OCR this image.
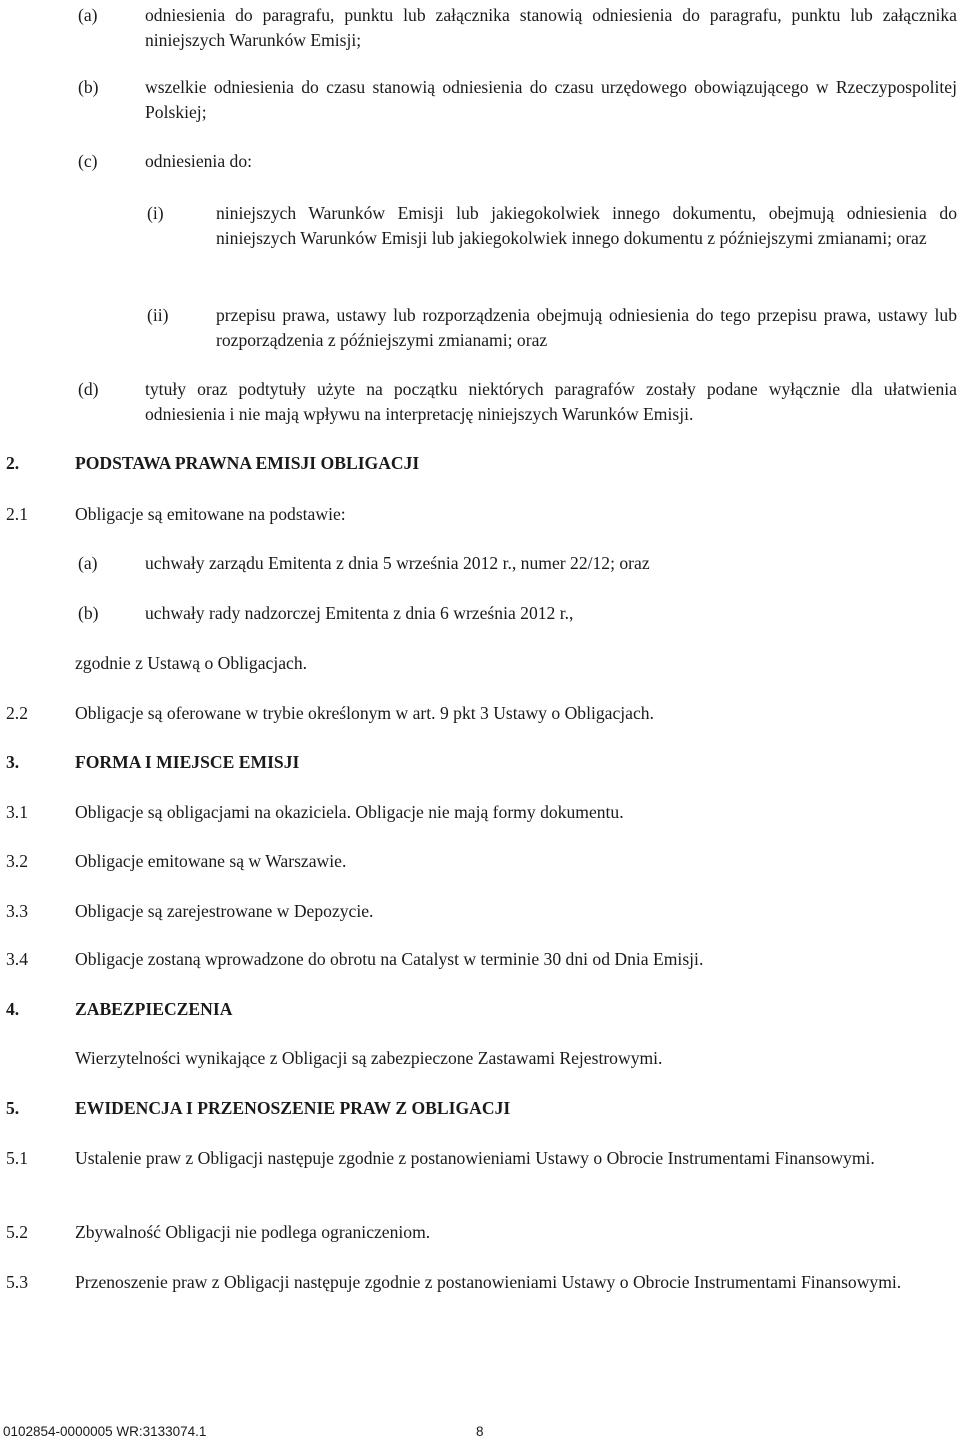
(a)	odniesienia do paragrafu, punktu lub załącznika stanowią odniesienia do paragrafu, punktu lub załącznika niniejszych Warunków Emisji;
(b)	wszelkie odniesienia do czasu stanowią odniesienia do czasu urzędowego obowiązującego w Rzeczypospolitej Polskiej;
(c)	odniesienia do:
(i)	niniejszych Warunków Emisji lub jakiegokolwiek innego dokumentu, obejmują odniesienia do niniejszych Warunków Emisji lub jakiegokolwiek innego dokumentu z późniejszymi zmianami; oraz
(ii)	przepisu prawa, ustawy lub rozporządzenia obejmują odniesienia do tego przepisu prawa, ustawy lub rozporządzenia z późniejszymi zmianami; oraz
(d)	tytuły oraz podtytuły użyte na początku niektórych paragrafów zostały podane wyłącznie dla ułatwienia odniesienia i nie mają wpływu na interpretację niniejszych Warunków Emisji.
2.	PODSTAWA PRAWNA EMISJI OBLIGACJI
2.1	Obligacje są emitowane na podstawie:
(a)	uchwały zarządu Emitenta z dnia 5 września 2012 r., numer 22/12; oraz
(b)	uchwały rady nadzorczej Emitenta z dnia 6 września 2012 r.,
zgodnie z Ustawą o Obligacjach.
2.2	Obligacje są oferowane w trybie określonym w art. 9 pkt 3 Ustawy o Obligacjach.
3.	FORMA I MIEJSCE EMISJI
3.1	Obligacje są obligacjami na okaziciela. Obligacje nie mają formy dokumentu.
3.2	Obligacje emitowane są w Warszawie.
3.3	Obligacje są zarejestrowane w Depozycie.
3.4	Obligacje zostaną wprowadzone do obrotu na Catalyst w terminie 30 dni od Dnia Emisji.
4.	ZABEZPIECZENIA
Wierzytelności wynikające z Obligacji są zabezpieczone Zastawami Rejestrowymi.
5.	EWIDENCJA I PRZENOSZENIE PRAW Z OBLIGACJI
5.1	Ustalenie praw z Obligacji następuje zgodnie z postanowieniami Ustawy o Obrocie Instrumentami Finansowymi.
5.2	Zbywalność Obligacji nie podlega ograniczeniom.
5.3	Przenoszenie praw z Obligacji następuje zgodnie z postanowieniami Ustawy o Obrocie Instrumentami Finansowymi.
0102854-0000005 WR:3133074.1	8
